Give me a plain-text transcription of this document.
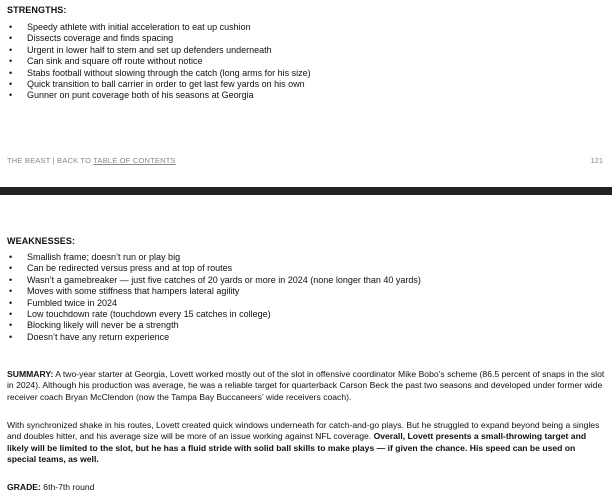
STRENGTHS:
• Speedy athlete with initial acceleration to eat up cushion
• Dissects coverage and finds spacing
• Urgent in lower half to stem and set up defenders underneath
• Can sink and square off route without notice
• Stabs football without slowing through the catch (long arms for his size)
• Quick transition to ball carrier in order to get last few yards on his own
• Gunner on punt coverage both of his seasons at Georgia
THE BEAST | BACK TO TABLE OF CONTENTS	121
WEAKNESSES:
• Smallish frame; doesn’t run or play big
• Can be redirected versus press and at top of routes
• Wasn’t a gamebreaker — just five catches of 20 yards or more in 2024 (none longer than 40 yards)
• Moves with some stiffness that hampers lateral agility
• Fumbled twice in 2024
• Low touchdown rate (touchdown every 15 catches in college)
• Blocking likely will never be a strength
• Doesn’t have any return experience
SUMMARY: A two-year starter at Georgia, Lovett worked mostly out of the slot in offensive coordinator Mike Bobo’s scheme (86.5 percent of snaps in the slot in 2024). Although his production was average, he was a reliable target for quarterback Carson Beck the past two seasons and developed under former wide receiver coach Bryan McClendon (now the Tampa Bay Buccaneers’ wide receivers coach).
With synchronized shake in his routes, Lovett created quick windows underneath for catch-and-go plays. But he struggled to expand beyond being a singles and doubles hitter, and his average size will be more of an issue working against NFL coverage. Overall, Lovett presents a small-throwing target and likely will be limited to the slot, but he has a fluid stride with solid ball skills to make plays — if given the chance. His speed can be used on special teams, as well.
GRADE: 6th-7th round
